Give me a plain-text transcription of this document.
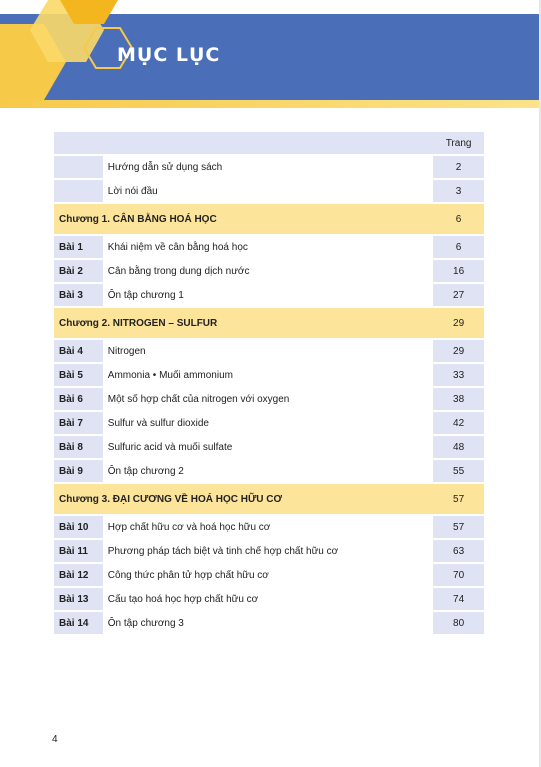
MỤC LỤC
		Trang
	Hướng dẫn sử dụng sách	2
	Lời nói đầu	3
Chương 1. CÂN BẰNG HOÁ HỌC		6
Bài 1	Khái niệm về cân bằng hoá học	6
Bài 2	Cân bằng trong dung dịch nước	16
Bài 3	Ôn tập chương 1	27
Chương 2. NITROGEN – SULFUR		29
Bài 4	Nitrogen	29
Bài 5	Ammonia • Muối ammonium	33
Bài 6	Một số hợp chất của nitrogen với oxygen	38
Bài 7	Sulfur và sulfur dioxide	42
Bài 8	Sulfuric acid và muối sulfate	48
Bài 9	Ôn tập chương 2	55
Chương 3. ĐẠI CƯƠNG VỀ HOÁ HỌC HỮU CƠ		57
Bài 10	Hợp chất hữu cơ và hoá học hữu cơ	57
Bài 11	Phương pháp tách biệt và tinh chế hợp chất hữu cơ	63
Bài 12	Công thức phân tử hợp chất hữu cơ	70
Bài 13	Cấu tạo hoá học hợp chất hữu cơ	74
Bài 14	Ôn tập chương 3	80
4
